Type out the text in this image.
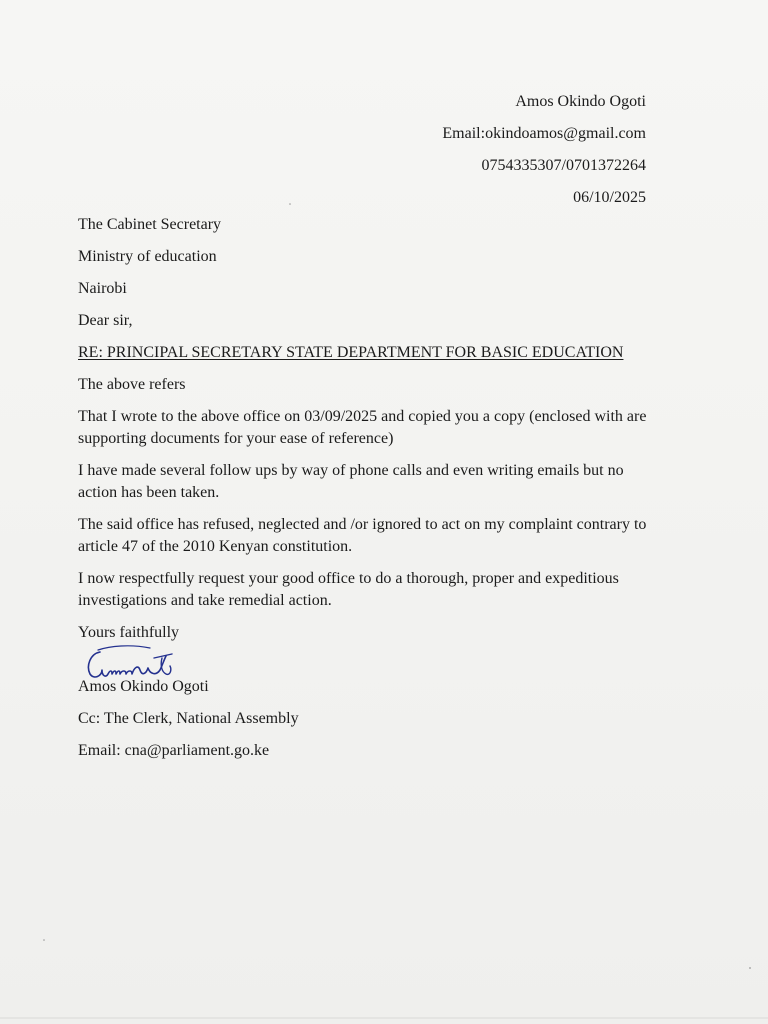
Amos Okindo Ogoti
Email:okindoamos@gmail.com
0754335307/0701372264
06/10/2025

The Cabinet Secretary

Ministry of education

Nairobi

Dear sir,

RE: PRINCIPAL SECRETARY STATE DEPARTMENT FOR BASIC EDUCATION

The above refers

That I wrote to the above office on 03/09/2025 and copied you a copy (enclosed with are supporting documents for your ease of reference)

I have made several follow ups by way of phone calls and even writing emails but no action has been taken.

The said office has refused, neglected and /or ignored to act on my complaint contrary to article 47 of the 2010 Kenyan constitution.

I now respectfully request your good office to do a thorough, proper and expeditious investigations and take remedial action.

Yours faithfully

Amos Okindo Ogoti

Cc: The Clerk, National Assembly

Email: cna@parliament.go.ke
